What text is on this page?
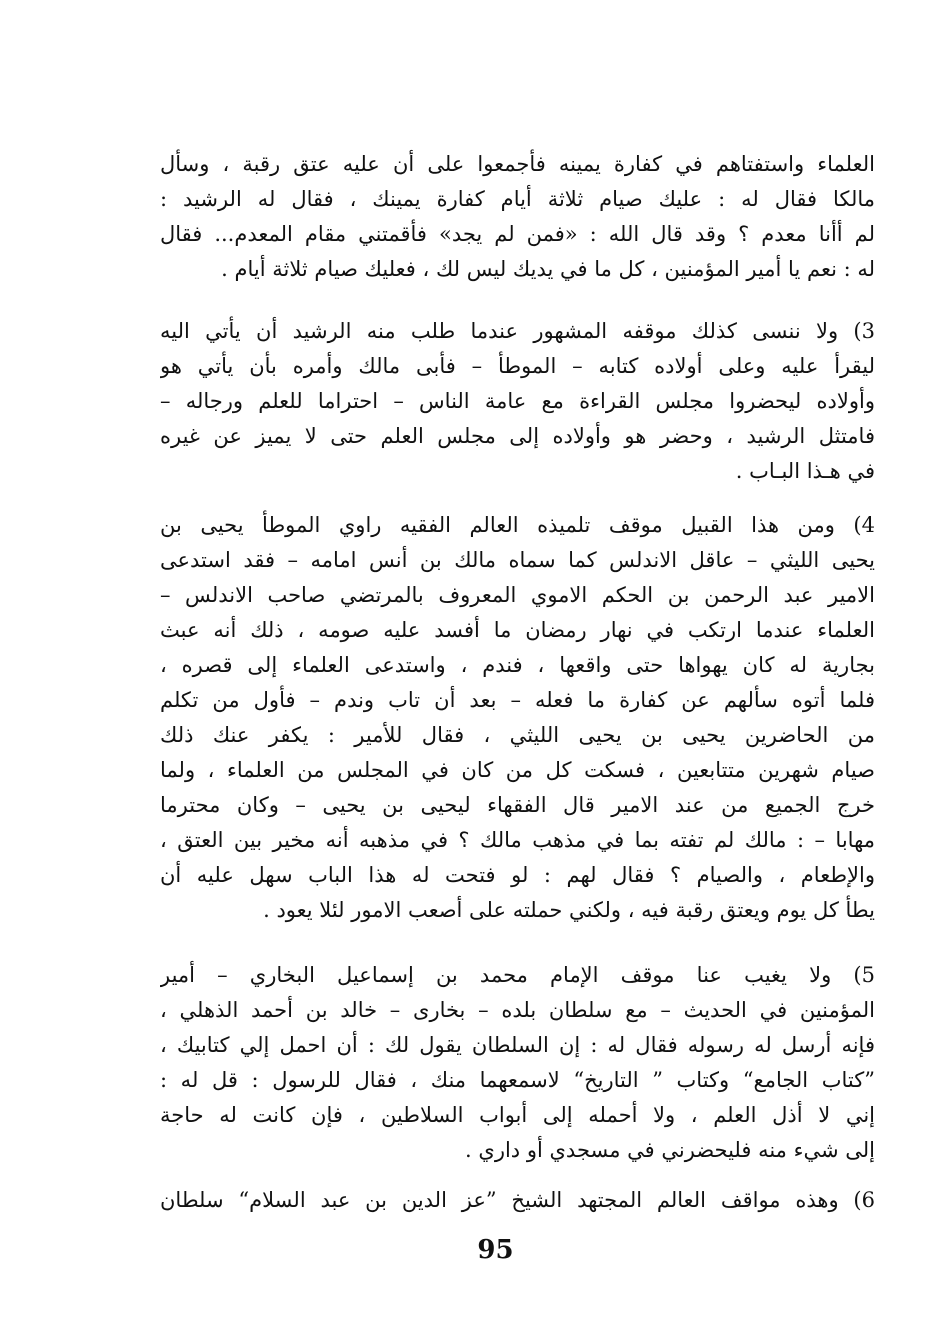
العلماء واستفتاهم في كفارة يمينه فأجمعوا على أن عليه عتق رقبة ، وسأل
مالكا فقال له : عليك صيام ثلاثة أيام كفارة يمينك ، فقال له الرشيد :
لم أأنا معدم ؟ وقد قال الله : «فمن لم يجد» فأقمتني مقام المعدم... فقال
له : نعم يا أمير المؤمنين ، كل ما في يديك ليس لك ، فعليك صيام ثلاثة أيام .
3) ولا ننسى كذلك موقفه المشهور عندما طلب منه الرشيد أن يأتي اليه
ليقرأ عليه وعلى أولاده كتابه – الموطأ – فأبى مالك وأمره بأن يأتي هو
وأولاده ليحضروا مجلس القراءة مع عامة الناس – احتراما للعلم ورجاله –
فامتثل الرشيد ، وحضر هو وأولاده إلى مجلس العلم حتى لا يميز عن غيره
في هـذا البـاب .
4) ومن هذا القبيل موقف تلميذه العالم الفقيه راوي الموطأ يحيى بن
يحيى الليثي – عاقل الاندلس كما سماه مالك بن أنس امامه – فقد استدعى
الامير عبد الرحمن بن الحكم الاموي المعروف بالمرتضي صاحب الاندلس –
العلماء عندما ارتكب في نهار رمضان ما أفسد عليه صومه ، ذلك أنه عبث
بجارية له كان يهواها حتى واقعها ، فندم ، واستدعى العلماء إلى قصره ،
فلما أتوه سألهم عن كفارة ما فعله – بعد أن تاب وندم – فأول من تكلم
من الحاضرين يحيى بن يحيى الليثي ، فقال للأمير : يكفر عنك ذلك
صيام شهرين متتابعين ، فسكت كل من كان في المجلس من العلماء ، ولما
خرج الجميع من عند الامير قال الفقهاء ليحيى بن يحيى – وكان محترما
مهابا – : مالك لم تفته بما في مذهب مالك ؟ في مذهبه أنه مخير بين العتق ،
والإطعام ، والصيام ؟ فقال لهم : لو فتحت له هذا الباب سهل عليه أن
يطأ كل يوم ويعتق رقبة فيه ، ولكني حملته على أصعب الامور لئلا يعود .
5) ولا يغيب عنا موقف الإمام محمد بن إسماعيل البخاري – أمير
المؤمنين في الحديث – مع سلطان بلده – بخارى – خالد بن أحمد الذهلي ،
فإنه أرسل له رسوله فقال له : إن السلطان يقول لك : أن احمل إلي كتابيك ،
”كتاب الجامع“ وكتاب ” التاريخ“ لاسمعهما منك ، فقال للرسول : قل له :
إني لا أذل العلم ، ولا أحمله إلى أبواب السلاطين ، فإن كانت له حاجة
إلى شيء منه فليحضرني في مسجدي أو داري .
6) وهذه مواقف العالم المجتهد الشيخ ”عز الدين بن عبد السلام“ سلطان
95
